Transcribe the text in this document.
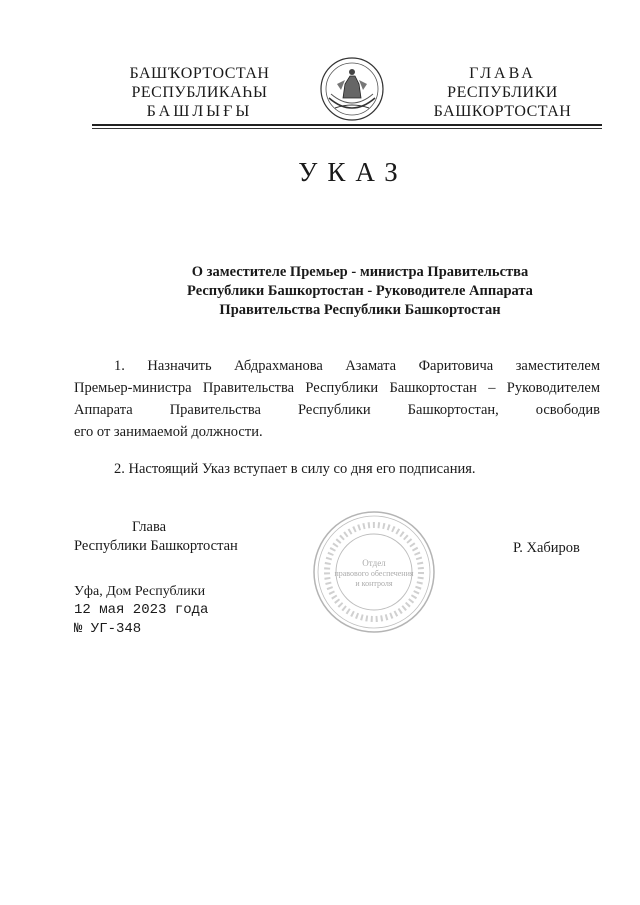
БАШҠОРТОСТАН
РЕСПУБЛИКАҺЫ
БАШЛЫҒЫ
ГЛАВА
РЕСПУБЛИКИ
БАШКОРТОСТАН
УКАЗ
О заместителе Премьер - министра Правительства
Республики Башкортостан - Руководителе Аппарата
Правительства Республики Башкортостан
1. Назначить Абдрахманова Азамата Фаритовича заместителем
Премьер-министра Правительства Республики Башкортостан – Руководителем
Аппарата Правительства Республики Башкортостан, освободив
его от занимаемой должности.
2. Настоящий Указ вступает в силу со дня его подписания.
Отдел
правового обеспечения
и контроля
Глава
Республики Башкортостан	Р. Хабиров
Уфа, Дом Республики
12 мая 2023 года
№ УГ-348
